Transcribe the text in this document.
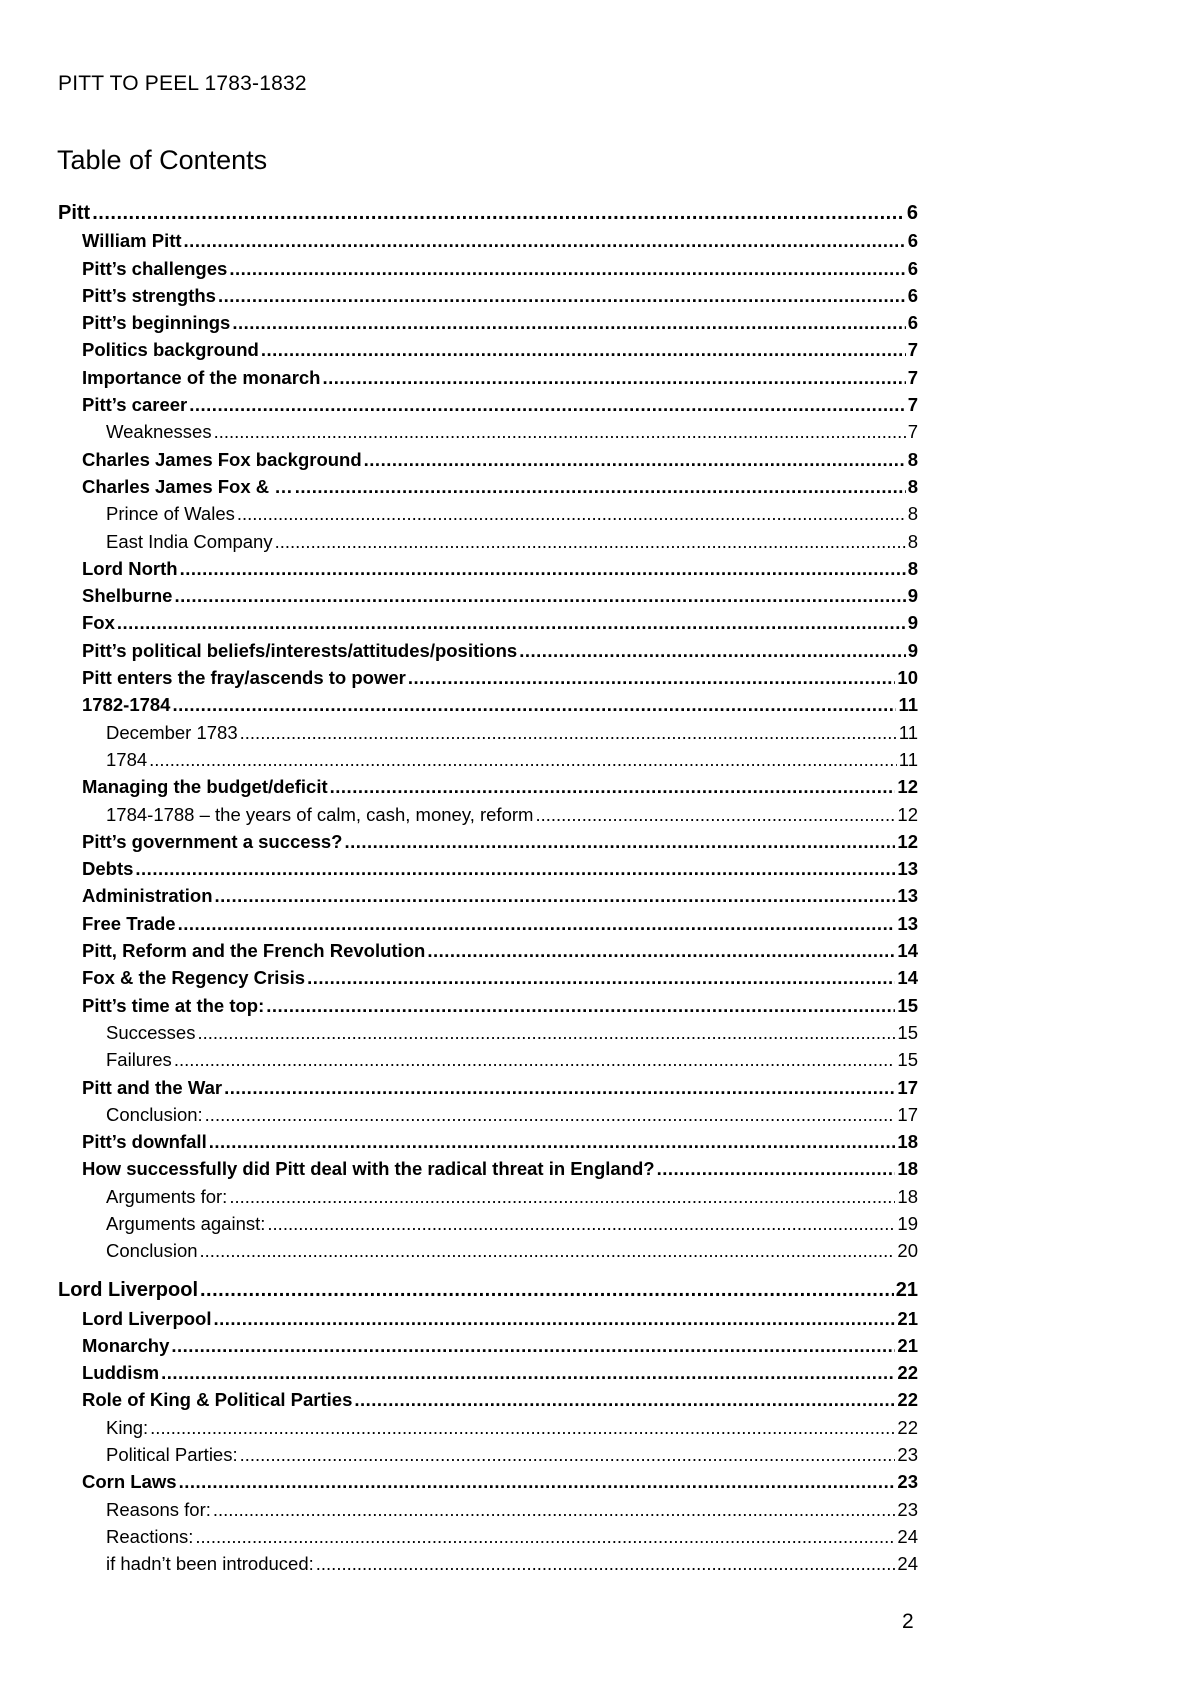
PITT TO PEEL 1783-1832
Table of Contents
Pitt .....	6
William Pitt .....	6
Pitt’s challenges .....	6
Pitt’s strengths .....	6
Pitt’s beginnings .....	6
Politics background .....	7
Importance of the monarch .....	7
Pitt’s career .....	7
Weaknesses .....	7
Charles James Fox background .....	8
Charles James Fox & … .....	8
Prince of Wales .....	8
East India Company .....	8
Lord North .....	8
Shelburne .....	9
Fox .....	9
Pitt’s political beliefs/interests/attitudes/positions .....	9
Pitt enters the fray/ascends to power .....	10
1782-1784 .....	11
December 1783 .....	11
1784 .....	11
Managing the budget/deficit .....	12
1784-1788 – the years of calm, cash, money, reform .....	12
Pitt’s government a success? .....	12
Debts .....	13
Administration .....	13
Free Trade .....	13
Pitt, Reform and the French Revolution .....	14
Fox & the Regency Crisis .....	14
Pitt’s time at the top: .....	15
Successes .....	15
Failures .....	15
Pitt and the War .....	17
Conclusion: .....	17
Pitt’s downfall .....	18
How successfully did Pitt deal with the radical threat in England? .....	18
Arguments for: .....	18
Arguments against: .....	19
Conclusion .....	20
Lord Liverpool .....	21
Lord Liverpool .....	21
Monarchy .....	21
Luddism .....	22
Role of King & Political Parties .....	22
King: .....	22
Political Parties: .....	23
Corn Laws .....	23
Reasons for: .....	23
Reactions: .....	24
if hadn’t been introduced: .....	24
2
